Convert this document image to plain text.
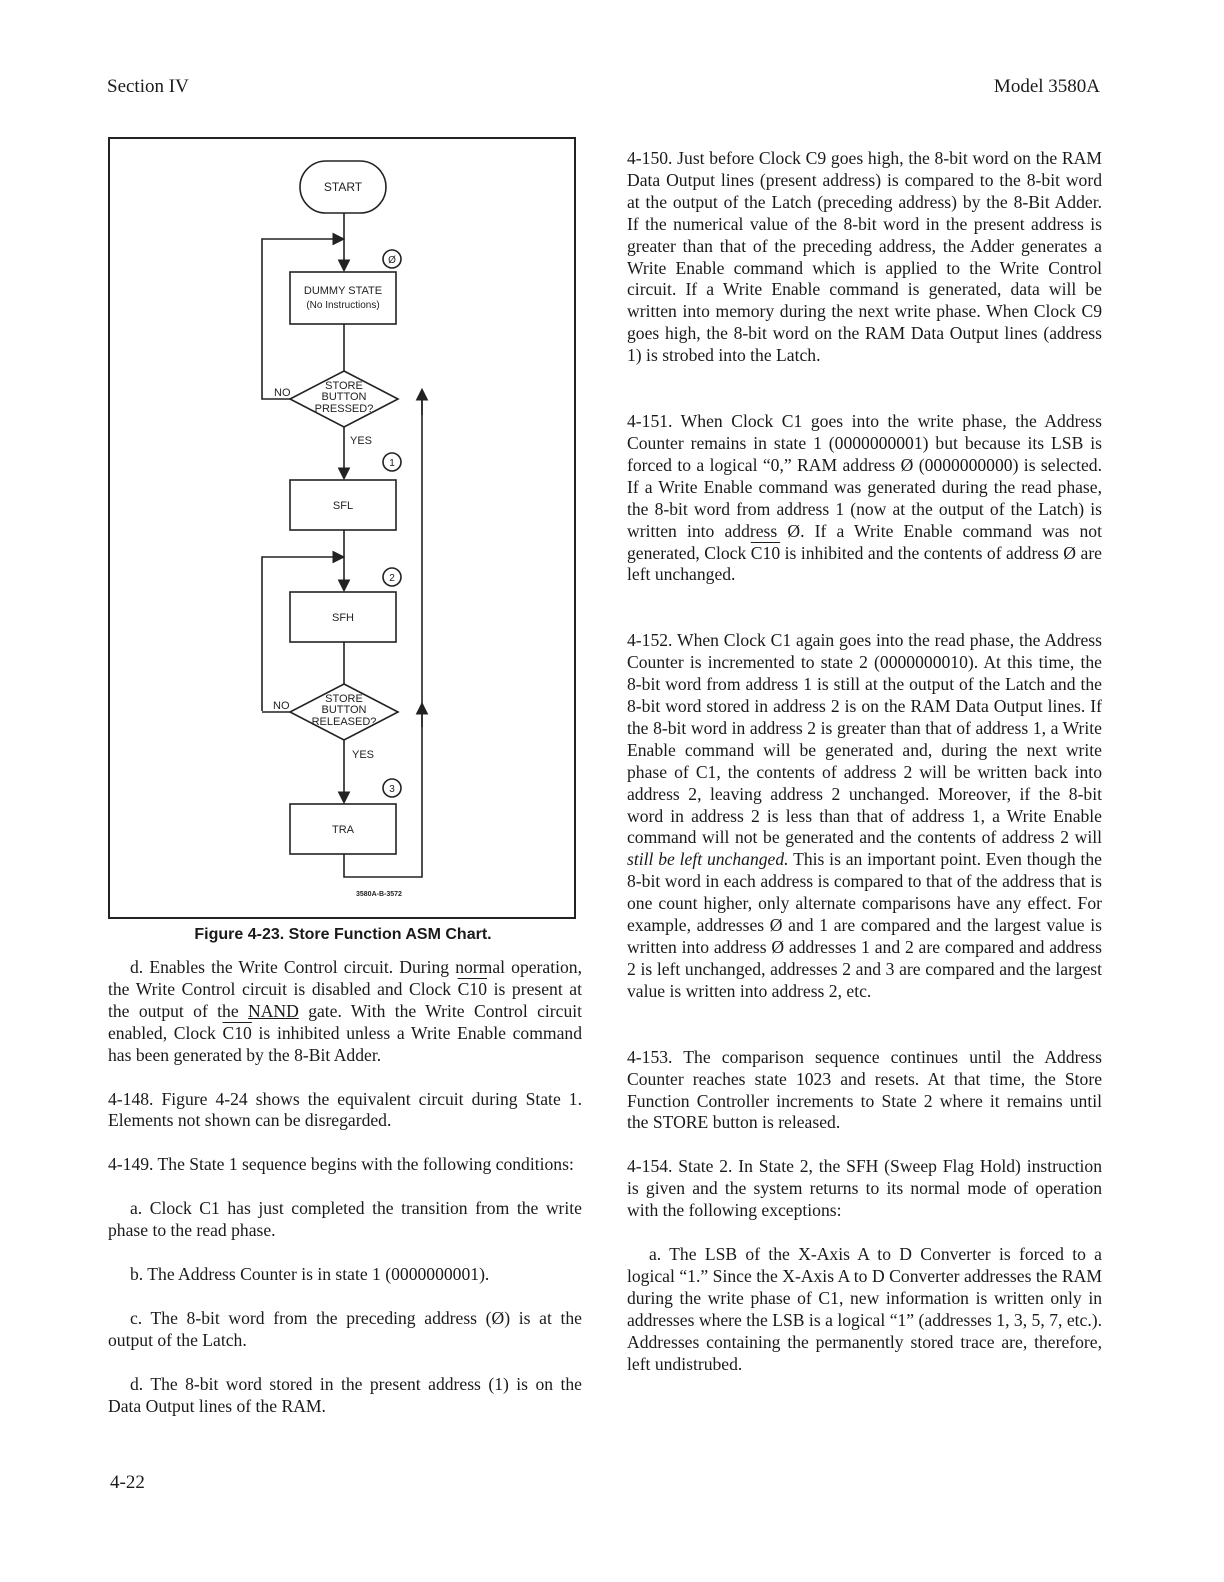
Section IV	Model 3580A
START
DUMMY STATE
(No Instructions)
STORE
BUTTON
PRESSED?
NO
YES
SFL
SFH
STORE
BUTTON
RELEASED?
NO
YES
TRA
Ø
1
2
3
3580A-B-3572
Figure 4-23. Store Function ASM Chart.

d. Enables the Write Control circuit. During normal operation, the Write Control circuit is disabled and Clock C10 is present at the output of the NAND gate. With the Write Control circuit enabled, Clock C10 is inhibited unless a Write Enable command has been generated by the 8-Bit Adder.

4-148. Figure 4-24 shows the equivalent circuit during State 1. Elements not shown can be disregarded.

4-149. The State 1 sequence begins with the following conditions:

a. Clock C1 has just completed the transition from the write phase to the read phase.

b. The Address Counter is in state 1 (0000000001).

c. The 8-bit word from the preceding address (Ø) is at the output of the Latch.

d. The 8-bit word stored in the present address (1) is on the Data Output lines of the RAM.

4-150. Just before Clock C9 goes high, the 8-bit word on the RAM Data Output lines (present address) is compared to the 8-bit word at the output of the Latch (preceding address) by the 8-Bit Adder. If the numerical value of the 8-bit word in the present address is greater than that of the preceding address, the Adder generates a Write Enable command which is applied to the Write Control circuit. If a Write Enable command is generated, data will be written into memory during the next write phase. When Clock C9 goes high, the 8-bit word on the RAM Data Output lines (address 1) is strobed into the Latch.

4-151. When Clock C1 goes into the write phase, the Address Counter remains in state 1 (0000000001) but because its LSB is forced to a logical “0,” RAM address Ø (0000000000) is selected. If a Write Enable command was generated during the read phase, the 8-bit word from address 1 (now at the output of the Latch) is written into address Ø. If a Write Enable command was not generated, Clock C10 is inhibited and the contents of address Ø are left unchanged.

4-152. When Clock C1 again goes into the read phase, the Address Counter is incremented to state 2 (0000000010). At this time, the 8-bit word from address 1 is still at the output of the Latch and the 8-bit word stored in address 2 is on the RAM Data Output lines. If the 8-bit word in address 2 is greater than that of address 1, a Write Enable command will be generated and, during the next write phase of C1, the contents of address 2 will be written back into address 2, leaving address 2 unchanged. Moreover, if the 8-bit word in address 2 is less than that of address 1, a Write Enable command will not be generated and the contents of address 2 will still be left unchanged. This is an important point. Even though the 8-bit word in each address is compared to that of the address that is one count higher, only alternate comparisons have any effect. For example, addresses Ø and 1 are compared and the largest value is written into address Ø addresses 1 and 2 are compared and address 2 is left unchanged, addresses 2 and 3 are compared and the largest value is written into address 2, etc.

4-153. The comparison sequence continues until the Address Counter reaches state 1023 and resets. At that time, the Store Function Controller increments to State 2 where it remains until the STORE button is released.

4-154. State 2. In State 2, the SFH (Sweep Flag Hold) instruction is given and the system returns to its normal mode of operation with the following exceptions:

a. The LSB of the X-Axis A to D Converter is forced to a logical “1.” Since the X-Axis A to D Converter addresses the RAM during the write phase of C1, new information is written only in addresses where the LSB is a logical “1” (addresses 1, 3, 5, 7, etc.). Addresses containing the permanently stored trace are, therefore, left undistrubed.

4-22
